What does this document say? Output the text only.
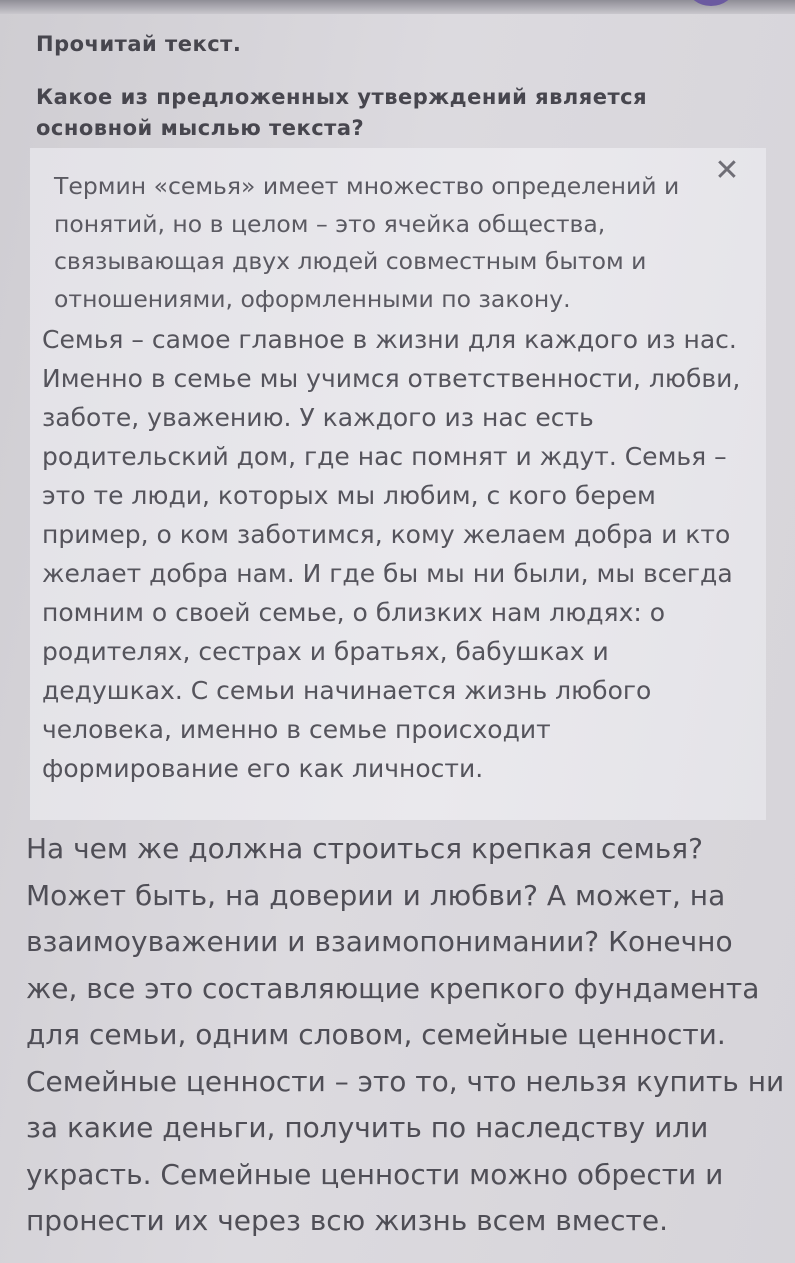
Прочитай текст.

Какое из предложенных утверждений является основной мыслью текста?

✕

Термин «семья» имеет множество определений и понятий, но в целом – это ячейка общества, связывающая двух людей совместным бытом и отношениями, оформленными по закону.

Семья – самое главное в жизни для каждого из нас. Именно в семье мы учимся ответственности, любви, заботе, уважению. У каждого из нас есть родительский дом, где нас помнят и ждут. Семья – это те люди, которых мы любим, с кого берем пример, о ком заботимся, кому желаем добра и кто желает добра нам. И где бы мы ни были, мы всегда помним о своей семье, о близких нам людях: о родителях, сестрах и братьях, бабушках и дедушках. С семьи начинается жизнь любого человека, именно в семье происходит формирование его как личности.

На чем же должна строиться крепкая семья? Может быть, на доверии и любви? А может, на взаимоуважении и взаимопонимании? Конечно же, все это составляющие крепкого фундамента для семьи, одним словом, семейные ценности. Семейные ценности – это то, что нельзя купить ни за какие деньги, получить по наследству или украсть. Семейные ценности можно обрести и пронести их через всю жизнь всем вместе.
